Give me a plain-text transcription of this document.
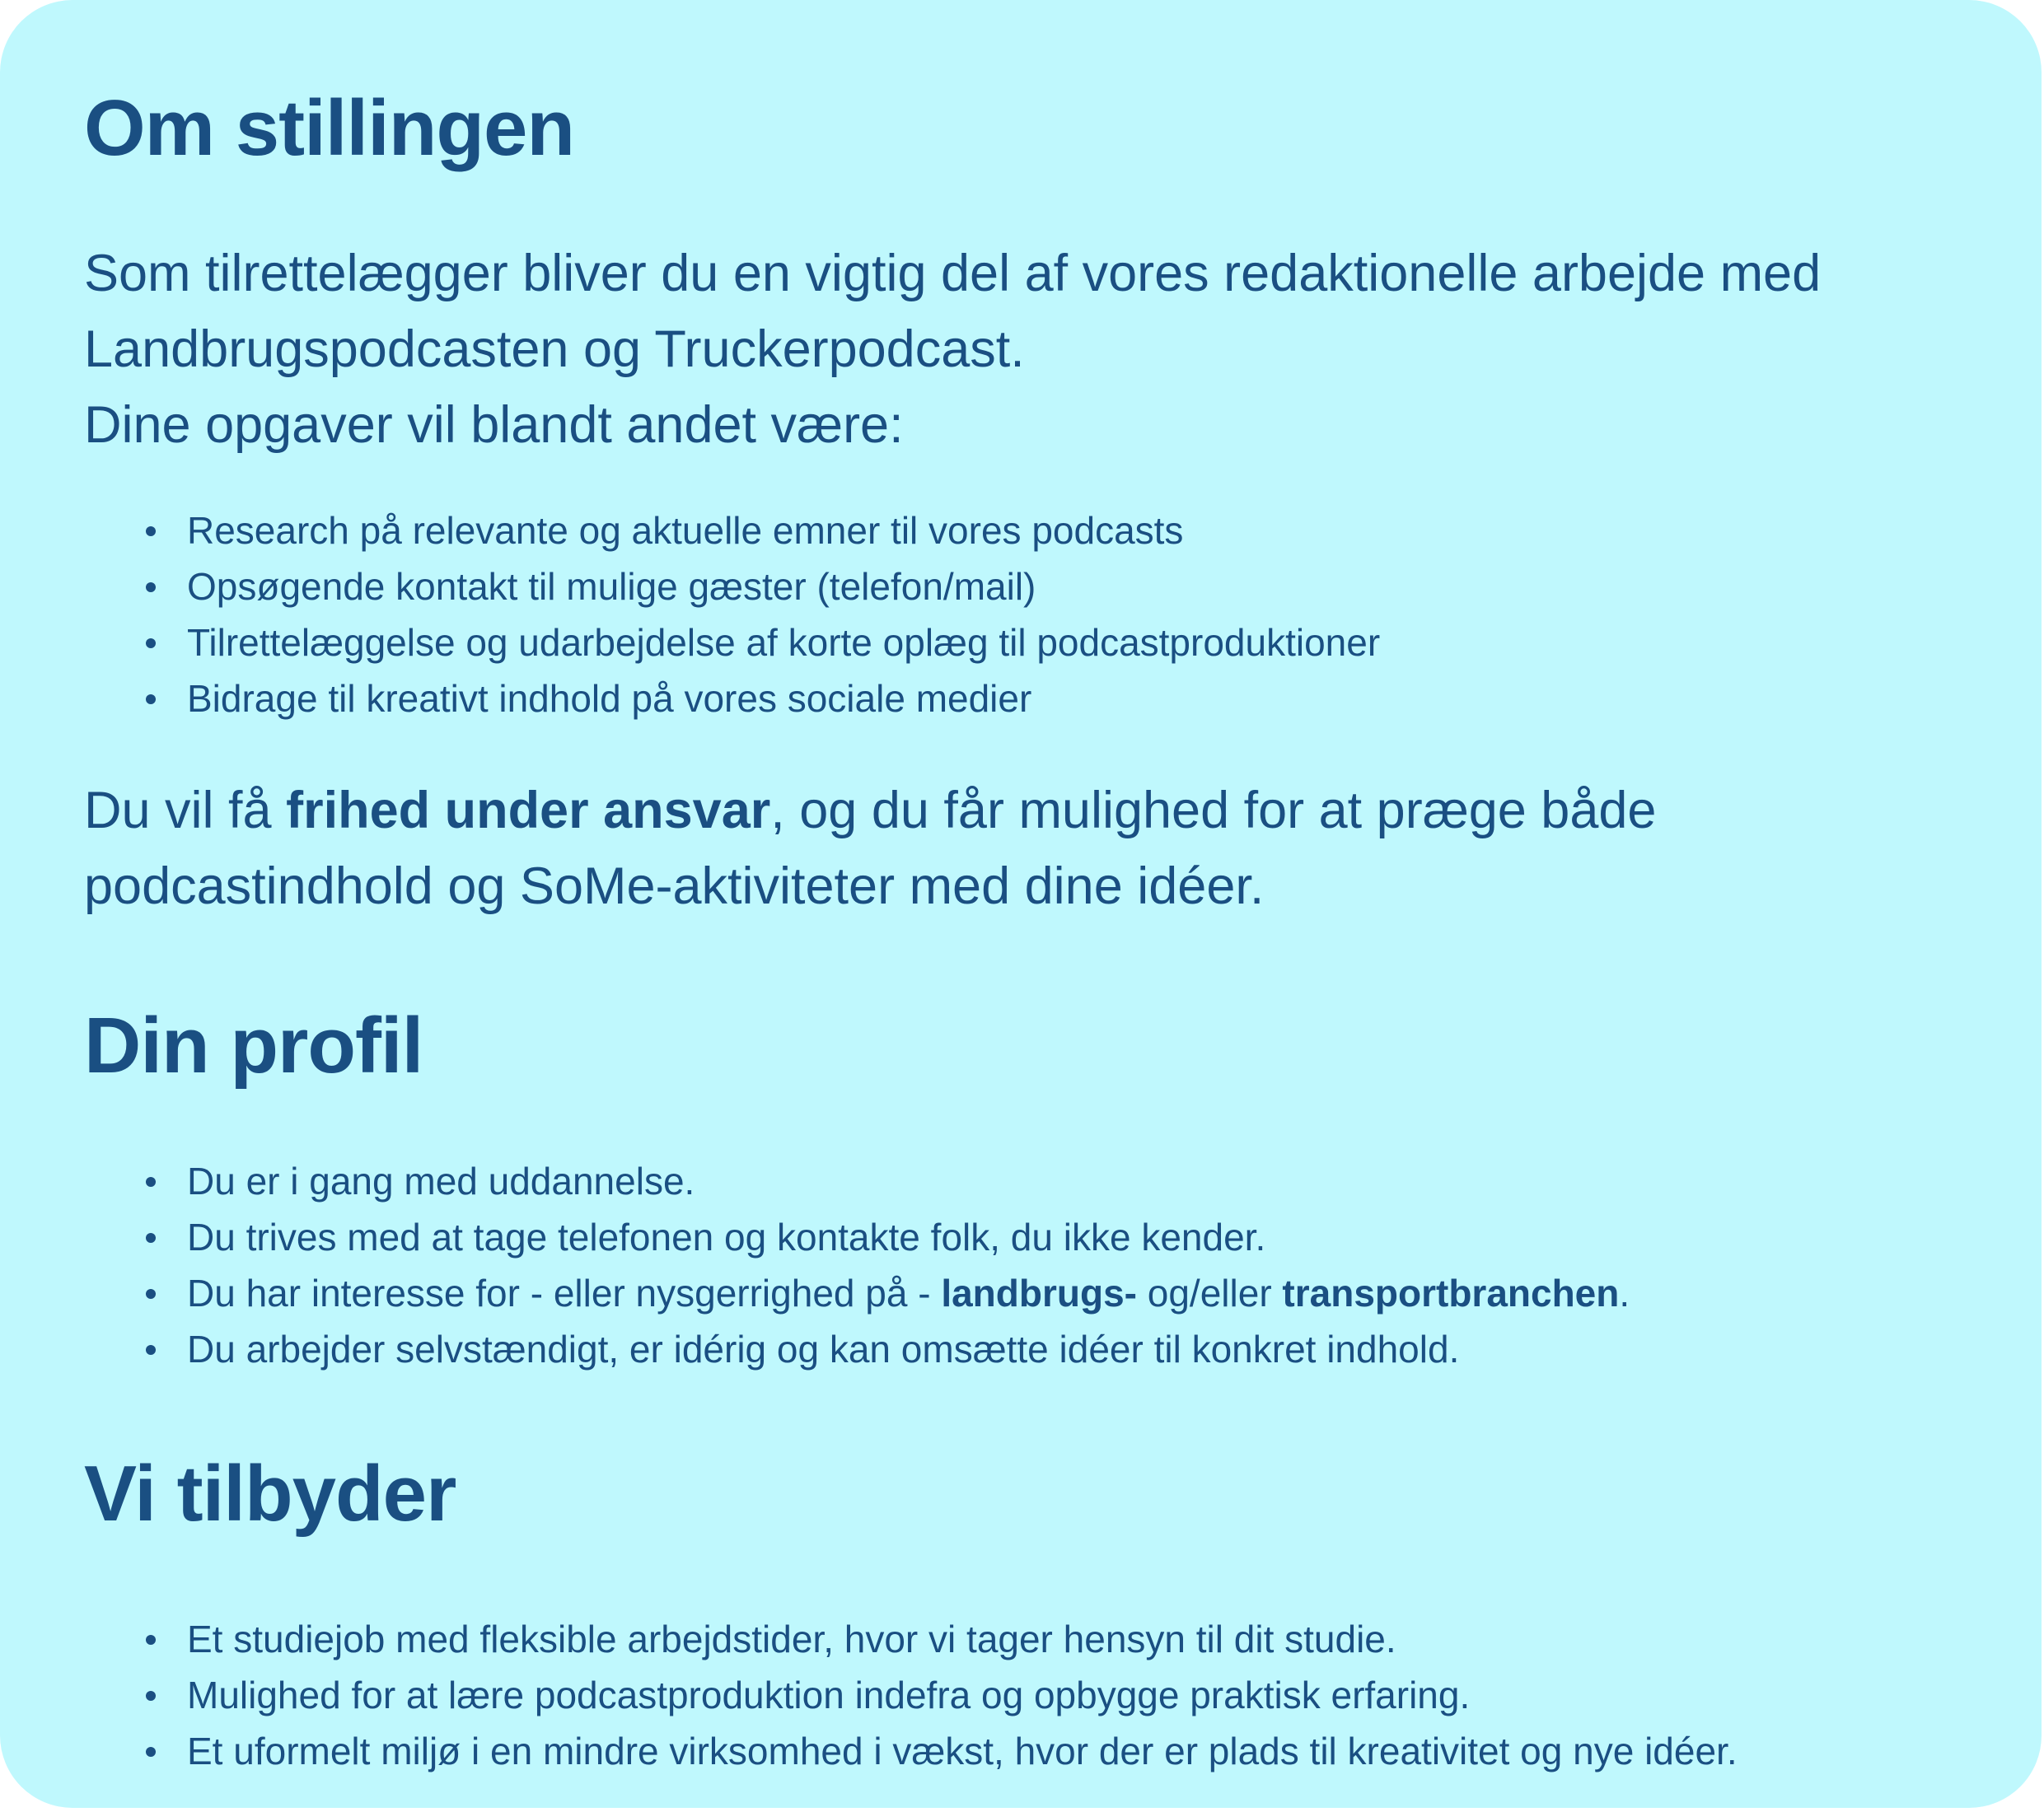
Om stillingen

Som tilrettelægger bliver du en vigtig del af vores redaktionelle arbejde med
Landbrugspodcasten og Truckerpodcast.
Dine opgaver vil blandt andet være:

Research på relevante og aktuelle emner til vores podcasts
Opsøgende kontakt til mulige gæster (telefon/mail)
Tilrettelæggelse og udarbejdelse af korte oplæg til podcastproduktioner
Bidrage til kreativt indhold på vores sociale medier

Du vil få frihed under ansvar, og du får mulighed for at præge både
podcastindhold og SoMe-aktiviteter med dine idéer.

Din profil
Du er i gang med uddannelse.
Du trives med at tage telefonen og kontakte folk, du ikke kender.
Du har interesse for - eller nysgerrighed på - landbrugs- og/eller transportbranchen.
Du arbejder selvstændigt, er idérig og kan omsætte idéer til konkret indhold.
Vi tilbyder
Et studiejob med fleksible arbejdstider, hvor vi tager hensyn til dit studie.
Mulighed for at lære podcastproduktion indefra og opbygge praktisk erfaring.
Et uformelt miljø i en mindre virksomhed i vækst, hvor der er plads til kreativitet og nye idéer.
